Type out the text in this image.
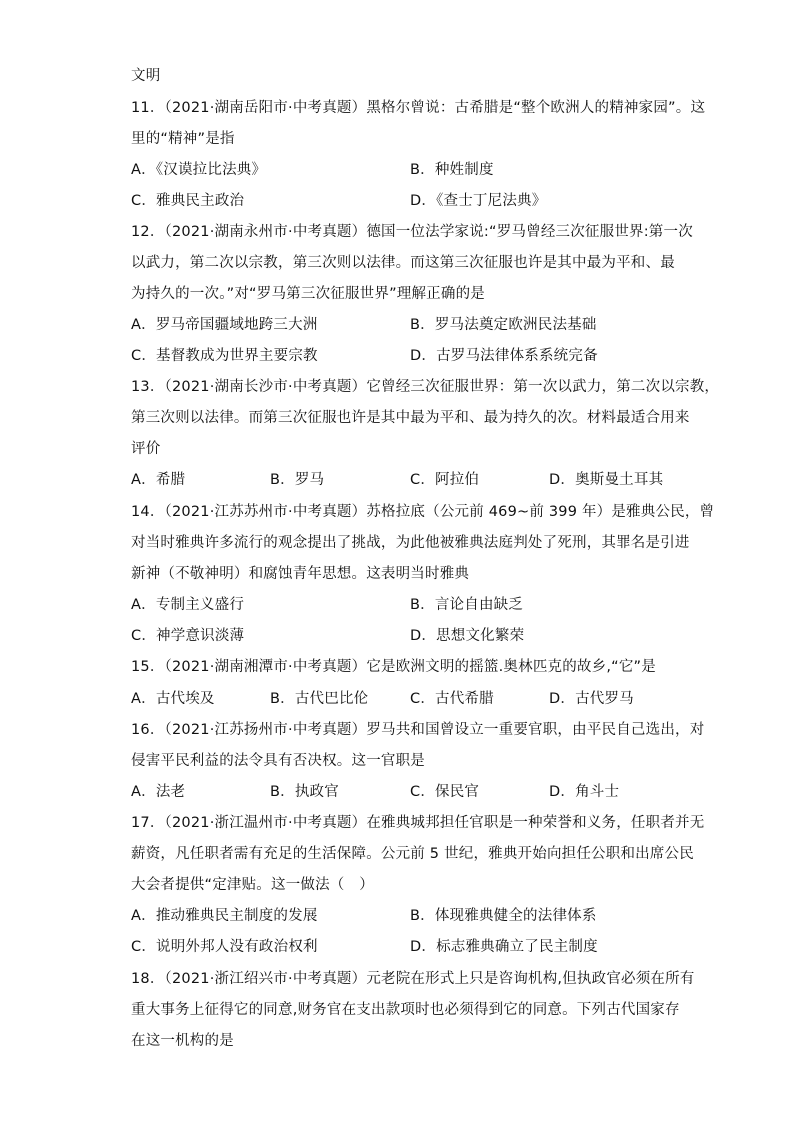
文明
11．（2021·湖南岳阳市·中考真题）黑格尔曾说：古希腊是“整个欧洲人的精神家园”。这
里的“精神”是指
A．《汉谟拉比法典》	B．种姓制度
C．雅典民主政治	D．《查士丁尼法典》
12．（2021·湖南永州市·中考真题）德国一位法学家说:“罗马曾经三次征服世界:第一次
以武力，第二次以宗教，第三次则以法律。而这第三次征服也许是其中最为平和、最
为持久的一次。”对“罗马第三次征服世界”理解正确的是
A．罗马帝国疆域地跨三大洲	B．罗马法奠定欧洲民法基础
C．基督教成为世界主要宗教	D．古罗马法律体系系统完备
13．（2021·湖南长沙市·中考真题）它曾经三次征服世界：第一次以武力，第二次以宗教，
第三次则以法律。而第三次征服也许是其中最为平和、最为持久的次。材料最适合用来
评价
A．希腊	B．罗马	C．阿拉伯	D．奥斯曼土耳其
14．（2021·江苏苏州市·中考真题）苏格拉底（公元前 469~前 399 年）是雅典公民，曾
对当时雅典许多流行的观念提出了挑战，为此他被雅典法庭判处了死刑，其罪名是引进
新神（不敬神明）和腐蚀青年思想。这表明当时雅典
A．专制主义盛行	B．言论自由缺乏
C．神学意识淡薄	D．思想文化繁荣
15．（2021·湖南湘潭市·中考真题）它是欧洲文明的摇篮.奥林匹克的故乡,“它”是
A．古代埃及	B．古代巴比伦	C．古代希腊	D．古代罗马
16．（2021·江苏扬州市·中考真题）罗马共和国曾设立一重要官职，由平民自己选出，对
侵害平民利益的法令具有否决权。这一官职是
A．法老	B．执政官	C．保民官	D．角斗士
17．（2021·浙江温州市·中考真题）在雅典城邦担任官职是一种荣誉和义务，任职者并无
薪资，凡任职者需有充足的生活保障。公元前 5 世纪，雅典开始向担任公职和出席公民
大会者提供“定津贴。这一做法（　）
A．推动雅典民主制度的发展	B．体现雅典健全的法律体系
C．说明外邦人没有政治权利	D．标志雅典确立了民主制度
18．（2021·浙江绍兴市·中考真题）元老院在形式上只是咨询机构,但执政官必须在所有
重大事务上征得它的同意,财务官在支出款项时也必须得到它的同意。下列古代国家存
在这一机构的是
